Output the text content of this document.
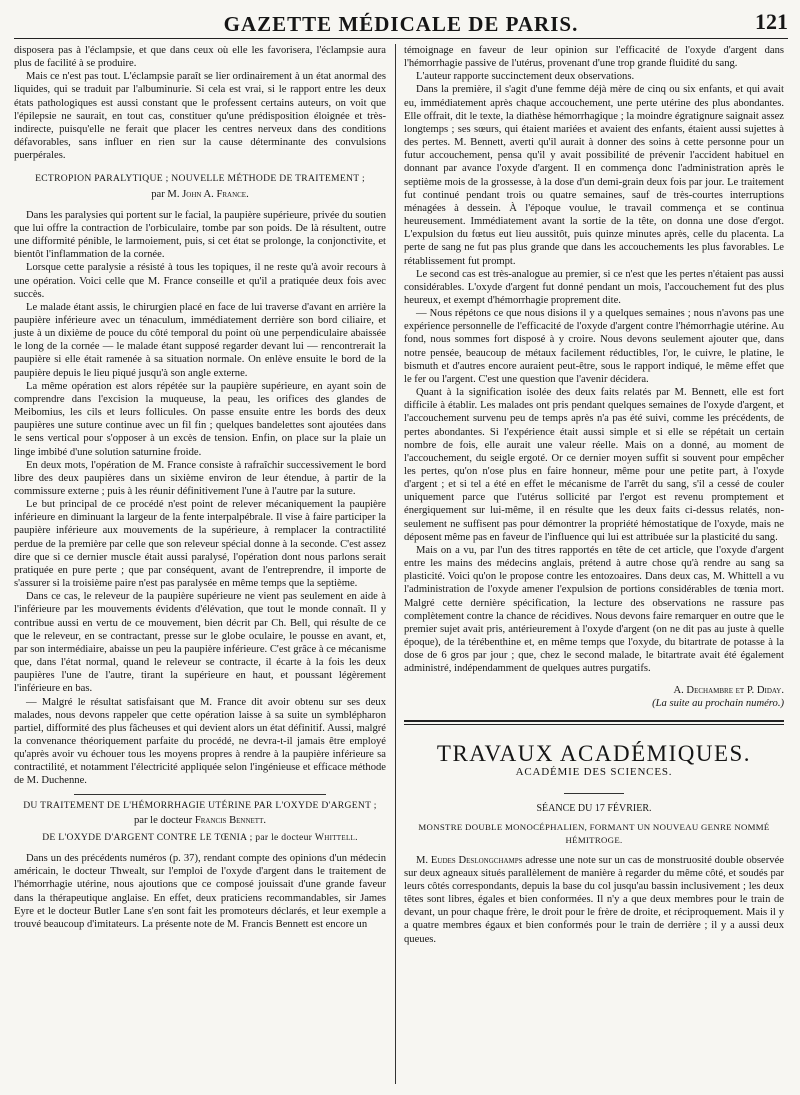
GAZETTE MÉDICALE DE PARIS.	121

disposera pas à l'éclampsie, et que dans ceux où elle les favorisera, l'éclampsie aura plus de facilité à se produire.

Mais ce n'est pas tout. L'éclampsie paraît se lier ordinairement à un état anormal des liquides, qui se traduit par l'albuminurie. Si cela est vrai, si le rapport entre les deux états pathologiques est aussi constant que le professent certains auteurs, on voit que l'épilepsie ne saurait, en tout cas, constituer qu'une prédisposition éloignée et très-indirecte, puisqu'elle ne ferait que placer les centres nerveux dans des conditions défavorables, sans influer en rien sur la cause déterminante des convulsions puerpérales.

ECTROPION PARALYTIQUE ; NOUVELLE MÉTHODE DE TRAITEMENT ;

par M. John A. France.

Dans les paralysies qui portent sur le facial, la paupière supérieure, privée du soutien que lui offre la contraction de l'orbiculaire, tombe par son poids. De là résultent, outre une difformité pénible, le larmoiement, puis, si cet état se prolonge, la conjonctivite, et bientôt l'inflammation de la cornée.

Lorsque cette paralysie a résisté à tous les topiques, il ne reste qu'à avoir recours à une opération. Voici celle que M. France conseille et qu'il a pratiquée deux fois avec succès.

Le malade étant assis, le chirurgien placé en face de lui traverse d'avant en arrière la paupière inférieure avec un ténaculum, immédiatement derrière son bord ciliaire, et juste à un dixième de pouce du côté temporal du point où une perpendiculaire abaissée le long de la cornée — le malade étant supposé regarder devant lui — rencontrerait la paupière si elle était ramenée à sa situation normale. On enlève ensuite le bord de la paupière depuis le lieu piqué jusqu'à son angle externe.

La même opération est alors répétée sur la paupière supérieure, en ayant soin de comprendre dans l'excision la muqueuse, la peau, les orifices des glandes de Meibomius, les cils et leurs follicules. On passe ensuite entre les bords des deux paupières une suture continue avec un fil fin ; quelques bandelettes sont ajoutées dans le sens vertical pour s'opposer à un excès de tension. Enfin, on place sur la plaie un linge imbibé d'une solution saturnine froide.

En deux mots, l'opération de M. France consiste à rafraîchir successivement le bord libre des deux paupières dans un sixième environ de leur étendue, à partir de la commissure externe ; puis à les réunir définitivement l'une à l'autre par la suture.

Le but principal de ce procédé n'est point de relever mécaniquement la paupière inférieure en diminuant la largeur de la fente interpalpébrale. Il vise à faire participer la paupière inférieure aux mouvements de la supérieure, à remplacer la contractilité perdue de la première par celle que son releveur spécial donne à la seconde. C'est assez dire que si ce dernier muscle était aussi paralysé, l'opération dont nous parlons serait pratiquée en pure perte ; que par conséquent, avant de l'entreprendre, il importe de s'assurer si la troisième paire n'est pas paralysée en même temps que la septième.

Dans ce cas, le releveur de la paupière supérieure ne vient pas seulement en aide à l'inférieure par les mouvements évidents d'élévation, que tout le monde connaît. Il y contribue aussi en vertu de ce mouvement, bien décrit par Ch. Bell, qui résulte de ce que le releveur, en se contractant, presse sur le globe oculaire, le pousse en avant, et, par son intermédiaire, abaisse un peu la paupière inférieure. C'est grâce à ce mécanisme que, dans l'état normal, quand le releveur se contracte, il écarte à la fois les deux paupières l'une de l'autre, tirant la supérieure en haut, et poussant légèrement l'inférieure en bas.

— Malgré le résultat satisfaisant que M. France dit avoir obtenu sur ses deux malades, nous devons rappeler que cette opération laisse à sa suite un symblépharon partiel, difformité des plus fâcheuses et qui devient alors un état définitif. Aussi, malgré la convenance théoriquement parfaite du procédé, ne devra-t-il jamais être employé qu'après avoir vu échouer tous les moyens propres à rendre à la paupière inférieure sa contractilité, et notamment l'électricité appliquée selon l'ingénieuse et efficace méthode de M. Duchenne.

DU TRAITEMENT DE L'HÉMORRHAGIE UTÉRINE PAR L'OXYDE D'ARGENT ;

par le docteur Francis Bennett.

DE L'OXYDE D'ARGENT CONTRE LE TŒNIA ; par le docteur Whittell.

Dans un des précédents numéros (p. 37), rendant compte des opinions d'un médecin américain, le docteur Thwealt, sur l'emploi de l'oxyde d'argent dans le traitement de l'hémorrhagie utérine, nous ajoutions que ce composé jouissait d'une grande faveur dans la thérapeutique anglaise. En effet, deux praticiens recommandables, sir James Eyre et le docteur Butler Lane s'en sont fait les promoteurs déclarés, et leur exemple a trouvé beaucoup d'imitateurs. La présente note de M. Francis Bennett est encore un

témoignage en faveur de leur opinion sur l'efficacité de l'oxyde d'argent dans l'hémorrhagie passive de l'utérus, provenant d'une trop grande fluidité du sang.

L'auteur rapporte succinctement deux observations.

Dans la première, il s'agit d'une femme déjà mère de cinq ou six enfants, et qui avait eu, immédiatement après chaque accouchement, une perte utérine des plus abondantes. Elle offrait, dit le texte, la diathèse hémorrhagique ; la moindre égratignure saignait assez longtemps ; ses sœurs, qui étaient mariées et avaient des enfants, étaient aussi sujettes à des pertes. M. Bennett, averti qu'il aurait à donner des soins à cette personne pour un futur accouchement, pensa qu'il y avait possibilité de prévenir l'accident habituel en donnant par avance l'oxyde d'argent. Il en commença donc l'administration après le septième mois de la grossesse, à la dose d'un demi-grain deux fois par jour. Le traitement fut continué pendant trois ou quatre semaines, sauf de très-courtes interruptions ménagées à dessein. À l'époque voulue, le travail commença et se continua heureusement. Immédiatement avant la sortie de la tête, on donna une dose d'ergot. L'expulsion du fœtus eut lieu aussitôt, puis quinze minutes après, celle du placenta. La perte de sang ne fut pas plus grande que dans les accouchements les plus favorables. Le rétablissement fut prompt.

Le second cas est très-analogue au premier, si ce n'est que les pertes n'étaient pas aussi considérables. L'oxyde d'argent fut donné pendant un mois, l'accouchement fut des plus heureux, et exempt d'hémorrhagie proprement dite.

— Nous répétons ce que nous disions il y a quelques semaines ; nous n'avons pas une expérience personnelle de l'efficacité de l'oxyde d'argent contre l'hémorrhagie utérine. Au fond, nous sommes fort disposé à y croire. Nous devons seulement ajouter que, dans notre pensée, beaucoup de métaux facilement réductibles, l'or, le cuivre, le platine, le bismuth et d'autres encore auraient peut-être, sous le rapport indiqué, le même effet que le fer ou l'argent. C'est une question que l'avenir décidera.

Quant à la signification isolée des deux faits relatés par M. Bennett, elle est fort difficile à établir. Les malades ont pris pendant quelques semaines de l'oxyde d'argent, et l'accouchement survenu peu de temps après n'a pas été suivi, comme les précédents, de pertes abondantes. Si l'expérience était aussi simple et si elle se répétait un certain nombre de fois, elle aurait une valeur réelle. Mais on a donné, au moment de l'accouchement, du seigle ergoté. Or ce dernier moyen suffit si souvent pour empêcher les pertes, qu'on n'ose plus en faire honneur, même pour une petite part, à l'oxyde d'argent ; et si tel a été en effet le mécanisme de l'arrêt du sang, s'il a cessé de couler uniquement parce que l'utérus sollicité par l'ergot est revenu promptement et énergiquement sur lui-même, il en résulte que les deux faits ci-dessus relatés, non-seulement ne suffisent pas pour démontrer la propriété hémostatique de l'oxyde, mais ne déposent même pas en faveur de l'influence qui lui est attribuée sur la plasticité du sang.

Mais on a vu, par l'un des titres rapportés en tête de cet article, que l'oxyde d'argent entre les mains des médecins anglais, prétend à autre chose qu'à rendre au sang sa plasticité. Voici qu'on le propose contre les entozoaires. Dans deux cas, M. Whittell a vu l'administration de l'oxyde amener l'expulsion de portions considérables de tœnia mort. Malgré cette dernière spécification, la lecture des observations ne rassure pas complètement contre la chance de récidives. Nous devons faire remarquer en outre que le premier sujet avait pris, antérieurement à l'oxyde d'argent (on ne dit pas au juste à quelle époque), de la térébenthine et, en même temps que l'oxyde, du bitartrate de potasse à la dose de 6 gros par jour ; que, chez le second malade, le bitartrate avait été également administré, indépendamment de quelques autres purgatifs.

A. Dechambre et P. Diday.

(La suite au prochain numéro.)

TRAVAUX ACADÉMIQUES.

ACADÉMIE DES SCIENCES.

SÉANCE DU 17 FÉVRIER.

MONSTRE DOUBLE MONOCÉPHALIEN, FORMANT UN NOUVEAU GENRE NOMMÉ HÉMITROGE.

M. Eudes Deslongchamps adresse une note sur un cas de monstruosité double observée sur deux agneaux situés parallèlement de manière à regarder du même côté, et soudés par leurs côtés correspondants, depuis la base du col jusqu'au bassin inclusivement ; les deux têtes sont libres, égales et bien conformées. Il n'y a que deux membres pour le train de devant, un pour chaque frère, le droit pour le frère de droite, et réciproquement. Mais il y a quatre membres égaux et bien conformés pour le train de derrière ; il y a aussi deux queues.
